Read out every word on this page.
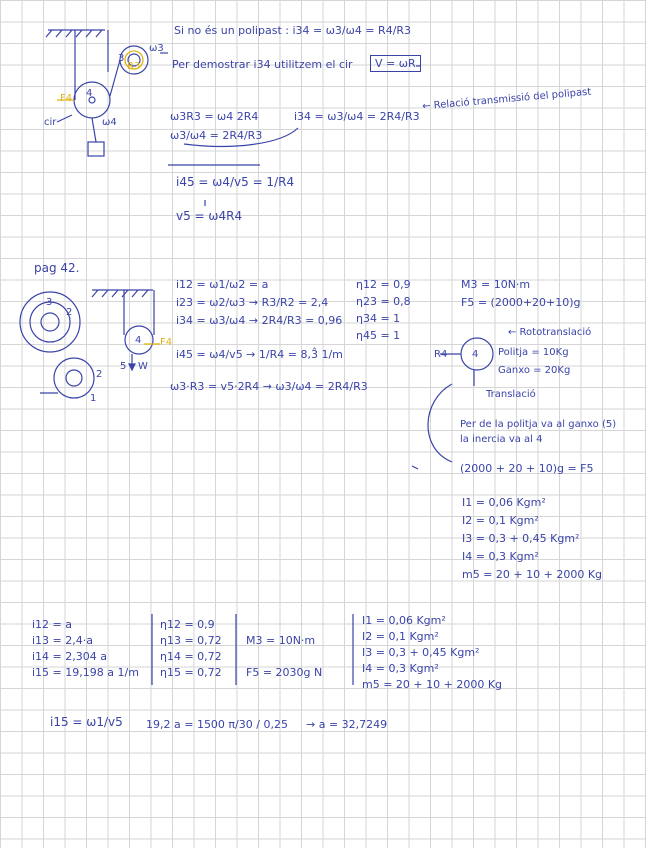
cir
3
4
ω3
ω4
R3
F4
Si no és un polipast : i34 = ω3/ω4 = R4/R3
Per demostrar i34 utilitzem el cir	V = ωR
ω3R3 = ω4 2R4
ω3/ω4 = 2R4/R3
i34 = ω3/ω4 = 2R4/R3
← Relació transmissió del polipast
i45 = ω4/v5 = 1/R4
v5 = ω4R4
pag 42.
3
2
4
5 W
F4
2
1
i12 = ω1/ω2 = a
i23 = ω2/ω3 → R3/R2 = 2,4
i34 = ω3/ω4 → 2R4/R3 = 0,96
i45 = ω4/v5 → 1/R4 = 8,3̂ 1/m
ω3·R3 = v5·2R4 → ω3/ω4 = 2R4/R3
η12 = 0,9
η23 = 0,8
η34 = 1
η45 = 1
M3 = 10N·m
F5 = (2000+20+10)g
← Rototranslació
4
R4	Politja = 10Kg
Ganxo = 20Kg
Translació
Per de la politja va al ganxo (5)
la inercia va al 4
(2000 + 20 + 10)g = F5
I1 = 0,06 Kgm²
I2 = 0,1 Kgm²
I3 = 0,3 + 0,45 Kgm²
I4 = 0,3 Kgm²
m5 = 20 + 10 + 2000 Kg
i12 = a
i13 = 2,4·a
i14 = 2,304 a
i15 = 19,198 a 1/m
η12 = 0,9
η13 = 0,72
η14 = 0,72
η15 = 0,72
M3 = 10N·m
F5 = 2030g N
I1 = 0,06 Kgm²
I2 = 0,1 Kgm²
I3 = 0,3 + 0,45 Kgm²
I4 = 0,3 Kgm²
m5 = 20 + 10 + 2000 Kg
i15 = ω1/v5 19,2 a = 1500 π/30 / 0,25 → a = 32,7249
